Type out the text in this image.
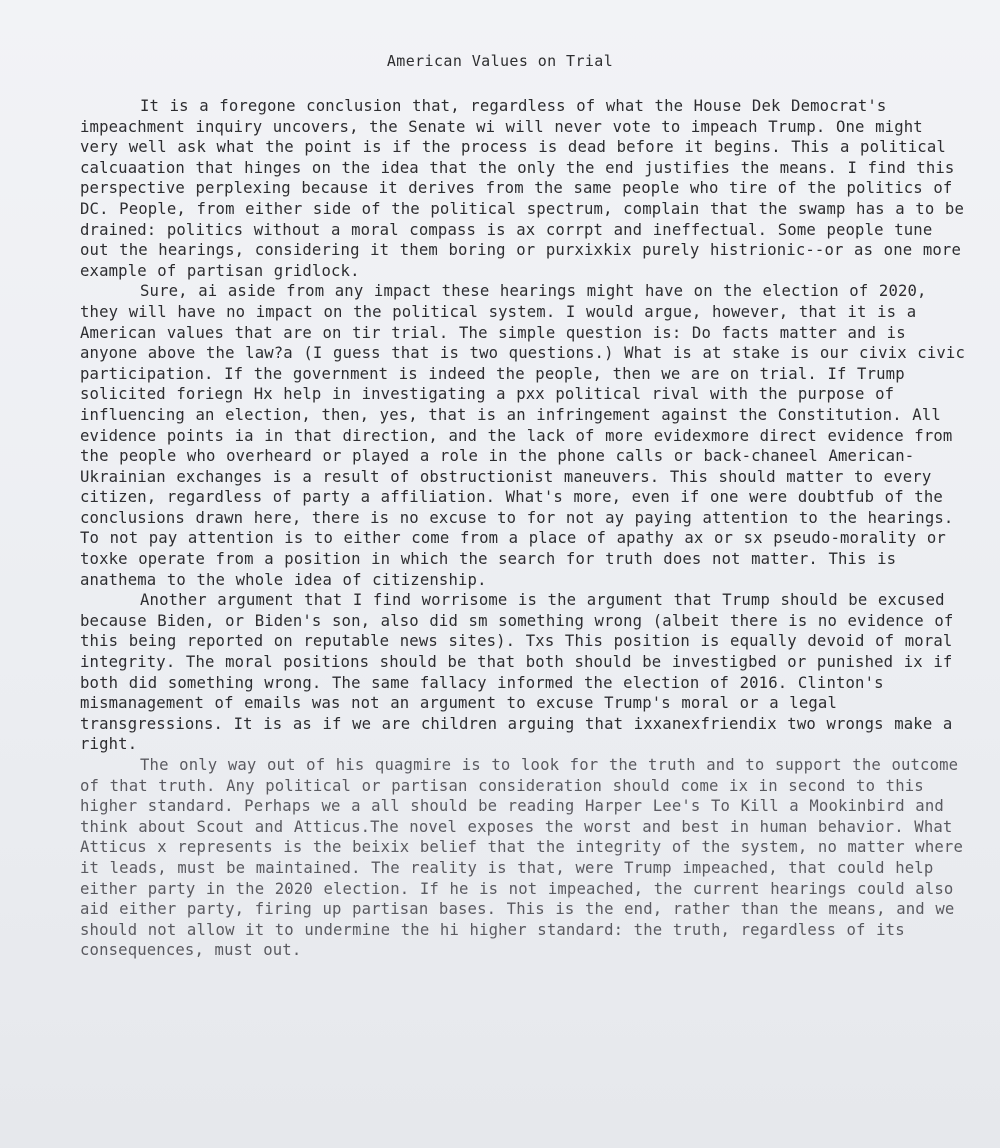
American Values on Trial

It is a foregone conclusion that, regardless of what the House Dek Democrat's impeachment inquiry uncovers, the Senate wi will never vote to impeach Trump. One might very well ask what the point is if the process is dead before it begins. This a political calcuaation that hinges on the idea that the only the end justifies the means. I find this perspective perplexing because it derives from the same people who tire of the politics of DC. People, from either side of the political spectrum, complain that the swamp has a to be drained: politics without a moral compass is ax corrpt and ineffectual. Some people tune out the hearings, considering it them boring or purxixkix purely histrionic--or as one more example of partisan gridlock.

Sure, ai aside from any impact these hearings might have on the election of 2020, they will have no impact on the political system. I would argue, however, that it is a American values that are on tir trial. The simple question is: Do facts matter and is anyone above the law?a (I guess that is two questions.) What is at stake is our civix civic participation. If the government is indeed the people, then we are on trial. If Trump solicited foriegn Hx help in investigating a pxx political rival with the purpose of influencing an election, then, yes, that is an infringement against the Constitution. All evidence points ia in that direction, and the lack of more evidexmore direct evidence from the people who overheard or played a role in the phone calls or back-chaneel American-Ukrainian exchanges is a result of obstructionist maneuvers. This should matter to every citizen, regardless of party a affiliation. What's more, even if one were doubtfub of the conclusions drawn here, there is no excuse to for not ay paying attention to the hearings. To not pay attention is to either come from a place of apathy ax or sx pseudo-morality or toxke operate from a position in which the search for truth does not matter. This is anathema to the whole idea of citizenship.

Another argument that I find worrisome is the argument that Trump should be excused because Biden, or Biden's son, also did sm something wrong (albeit there is no evidence of this being reported on reputable news sites). Txs This position is equally devoid of moral integrity. The moral positions should be that both should be investigbed or punished ix if both did something wrong. The same fallacy informed the election of 2016. Clinton's mismanagement of emails was not an argument to excuse Trump's moral or a legal transgressions. It is as if we are children arguing that ixxanexfriendix two wrongs make a right.

The only way out of his quagmire is to look for the truth and to support the outcome of that truth. Any political or partisan consideration should come ix in second to this higher standard. Perhaps we a all should be reading Harper Lee's To Kill a Mookinbird and think about Scout and Atticus.The novel exposes the worst and best in human behavior. What Atticus x represents is the beixix belief that the integrity of the system, no matter where it leads, must be maintained. The reality is that, were Trump impeached, that could help either party in the 2020 election. If he is not impeached, the current hearings could also aid either party, firing up partisan bases. This is the end, rather than the means, and we should not allow it to undermine the hi higher standard: the truth, regardless of its consequences, must out.
